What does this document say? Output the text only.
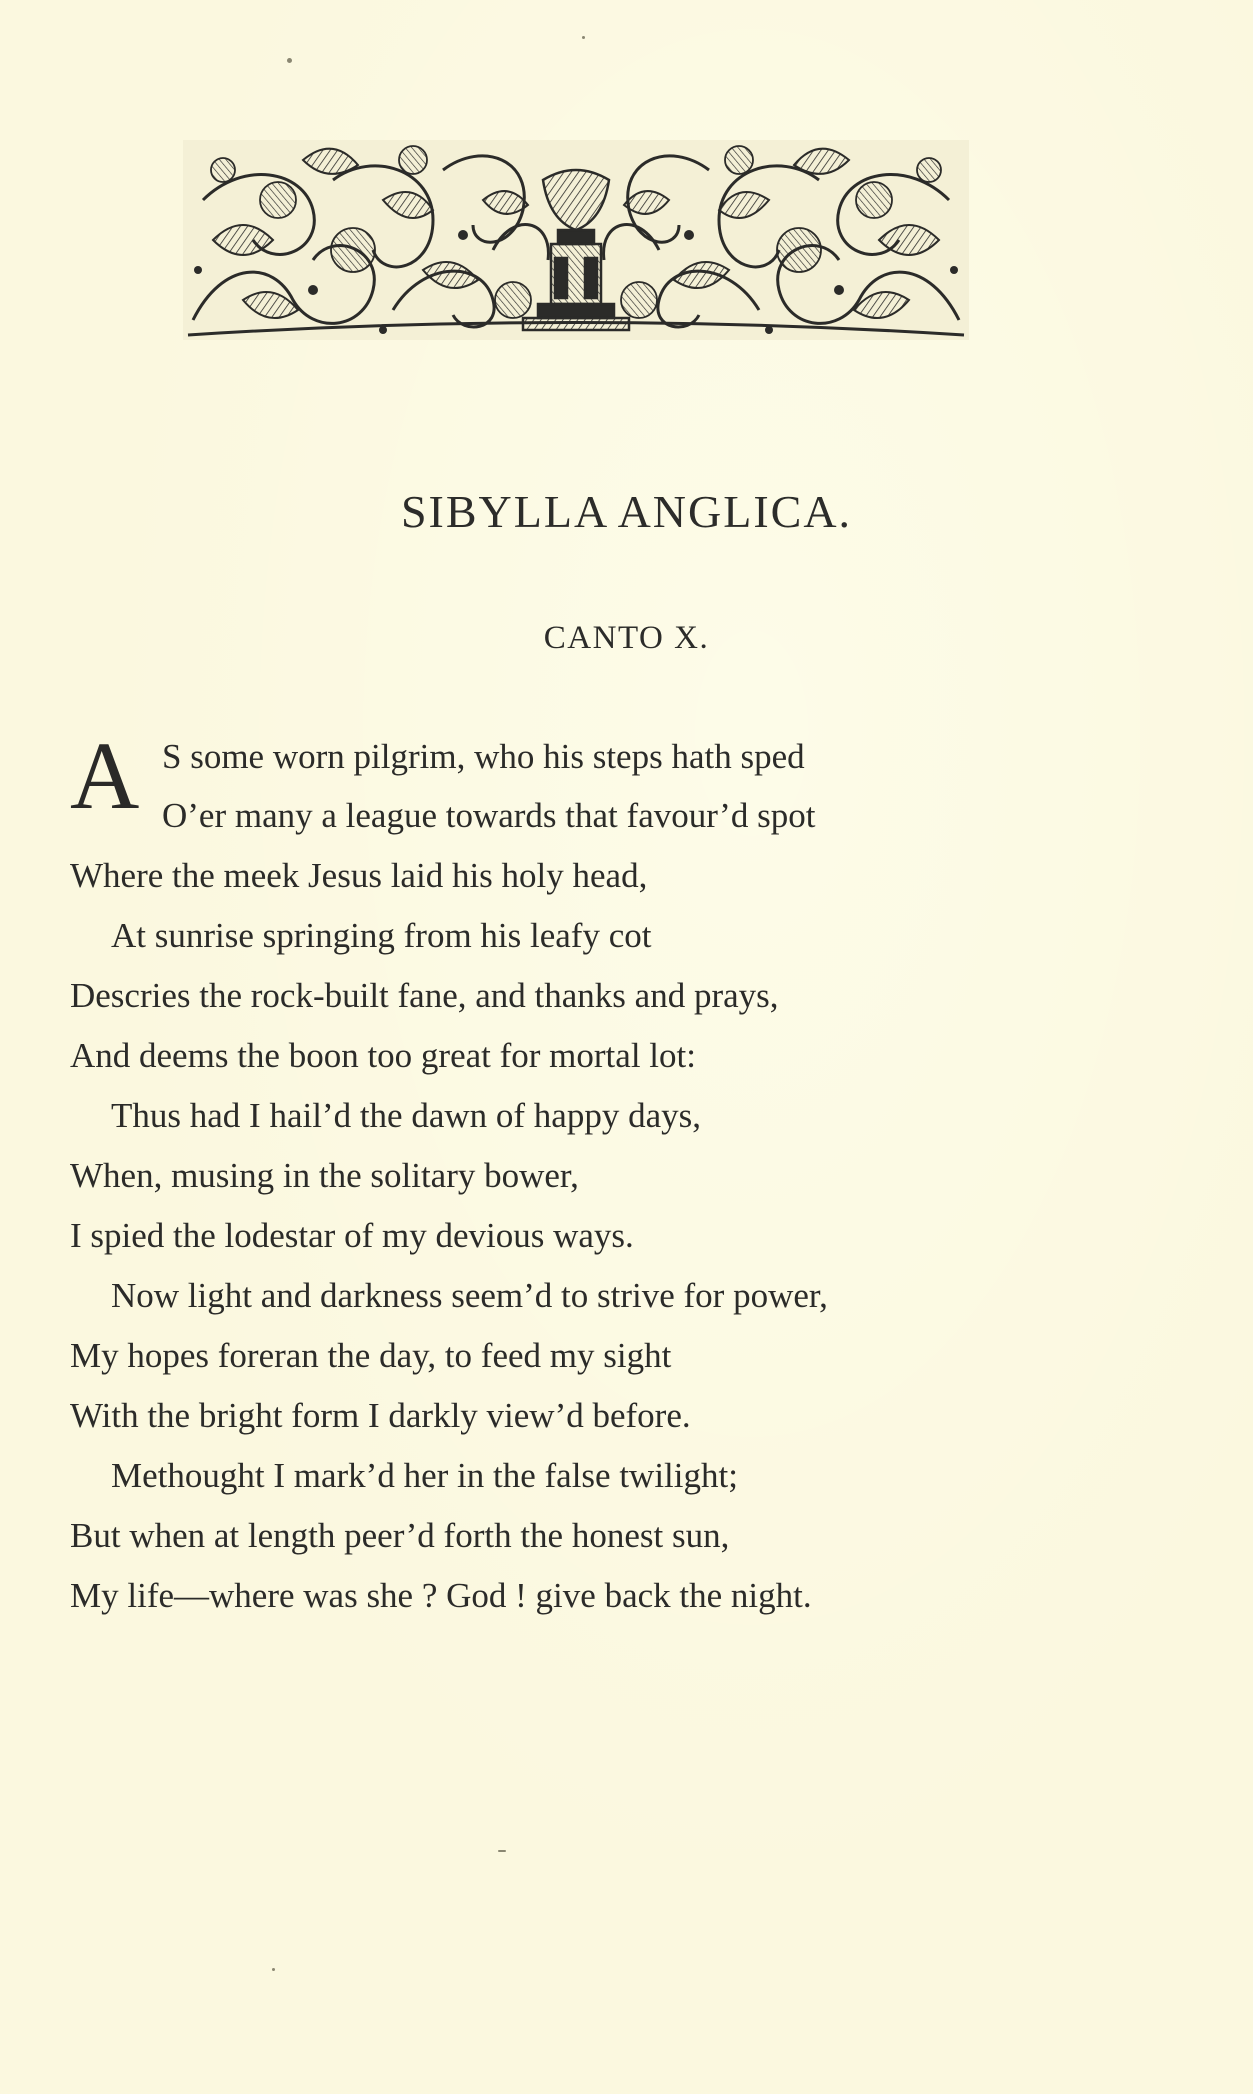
SIBYLLA ANGLICA.
CANTO X.
A S some worn pilgrim, who his steps hath sped
O’er many a league towards that favour’d spot
Where the meek Jesus laid his holy head,
At sunrise springing from his leafy cot
Descries the rock-built fane, and thanks and prays,
And deems the boon too great for mortal lot:
Thus had I hail’d the dawn of happy days,
When, musing in the solitary bower,
I spied the lodestar of my devious ways.
Now light and darkness seem’d to strive for power,
My hopes foreran the day, to feed my sight
With the bright form I darkly view’d before.
Methought I mark’d her in the false twilight;
But when at length peer’d forth the honest sun,
My life—where was she ? God ! give back the night.
